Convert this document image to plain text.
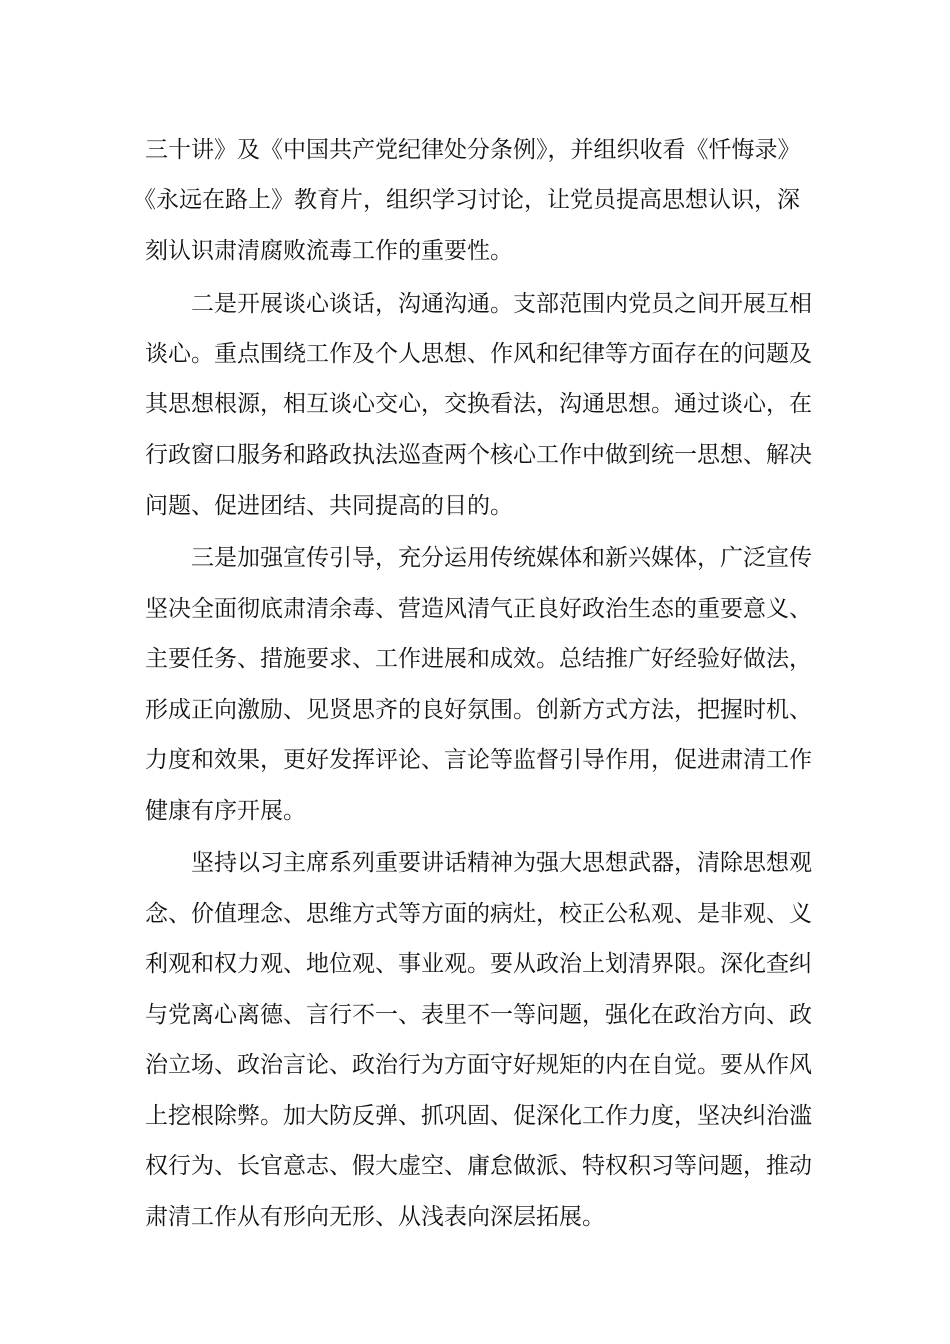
三十讲》及《中国共产党纪律处分条例》，并组织收看《忏悔录》

《永远在路上》教育片，组织学习讨论，让党员提高思想认识，深

刻认识肃清腐败流毒工作的重要性。

二是开展谈心谈话，沟通沟通。支部范围内党员之间开展互相

谈心。重点围绕工作及个人思想、作风和纪律等方面存在的问题及

其思想根源，相互谈心交心，交换看法，沟通思想。通过谈心，在

行政窗口服务和路政执法巡查两个核心工作中做到统一思想、解决

问题、促进团结、共同提高的目的。

三是加强宣传引导，充分运用传统媒体和新兴媒体，广泛宣传

坚决全面彻底肃清余毒、营造风清气正良好政治生态的重要意义、

主要任务、措施要求、工作进展和成效。总结推广好经验好做法，

形成正向激励、见贤思齐的良好氛围。创新方式方法，把握时机、

力度和效果，更好发挥评论、言论等监督引导作用，促进肃清工作

健康有序开展。

坚持以习主席系列重要讲话精神为强大思想武器，清除思想观

念、价值理念、思维方式等方面的病灶，校正公私观、是非观、义

利观和权力观、地位观、事业观。要从政治上划清界限。深化查纠

与党离心离德、言行不一、表里不一等问题，强化在政治方向、政

治立场、政治言论、政治行为方面守好规矩的内在自觉。要从作风

上挖根除弊。加大防反弹、抓巩固、促深化工作力度，坚决纠治滥

权行为、长官意志、假大虚空、庸怠做派、特权积习等问题，推动

肃清工作从有形向无形、从浅表向深层拓展。
